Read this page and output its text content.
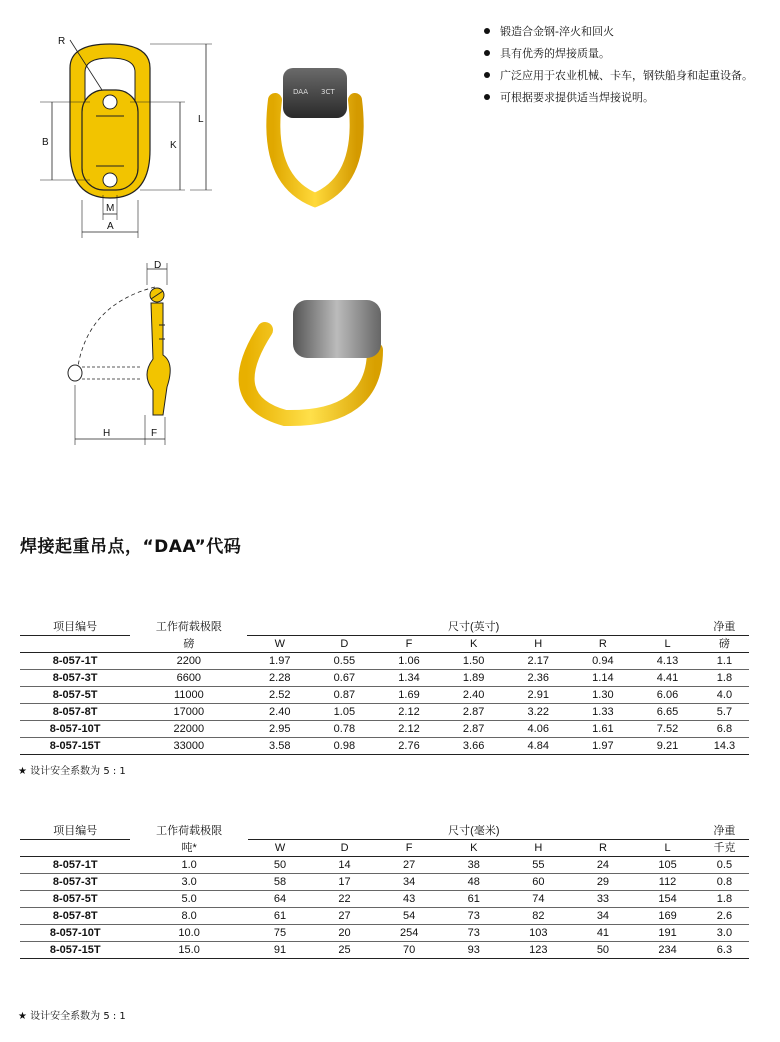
R
B	K
L
M
A
DAA 3CT
D
H	F
锻造合金钢-淬火和回火
具有优秀的焊接质量。
广泛应用于农业机械、卡车，钢铁船身和起重设备。
可根据要求提供适当焊接说明。
焊接起重吊点，“DAA”代码
项目编号	工作荷载极限	尺寸(英寸)							净重
	磅	W	D	F	K	H	R	L	磅
8-057-1T	2200	1.97	0.55	1.06	1.50	2.17	0.94	4.13	1.1
8-057-3T	6600	2.28	0.67	1.34	1.89	2.36	1.14	4.41	1.8
8-057-5T	11000	2.52	0.87	1.69	2.40	2.91	1.30	6.06	4.0
8-057-8T	17000	2.40	1.05	2.12	2.87	3.22	1.33	6.65	5.7
8-057-10T	22000	2.95	0.78	2.12	2.87	4.06	1.61	7.52	6.8
8-057-15T	33000	3.58	0.98	2.76	3.66	4.84	1.97	9.21	14.3
★ 设计安全系数为 5 : 1
项目编号	工作荷载极限	尺寸(毫米)							净重
	吨*	W	D	F	K	H	R	L	千克
8-057-1T	1.0	50	14	27	38	55	24	105	0.5
8-057-3T	3.0	58	17	34	48	60	29	112	0.8
8-057-5T	5.0	64	22	43	61	74	33	154	1.8
8-057-8T	8.0	61	27	54	73	82	34	169	2.6
8-057-10T	10.0	75	20	254	73	103	41	191	3.0
8-057-15T	15.0	91	25	70	93	123	50	234	6.3
★ 设计安全系数为 5 : 1
